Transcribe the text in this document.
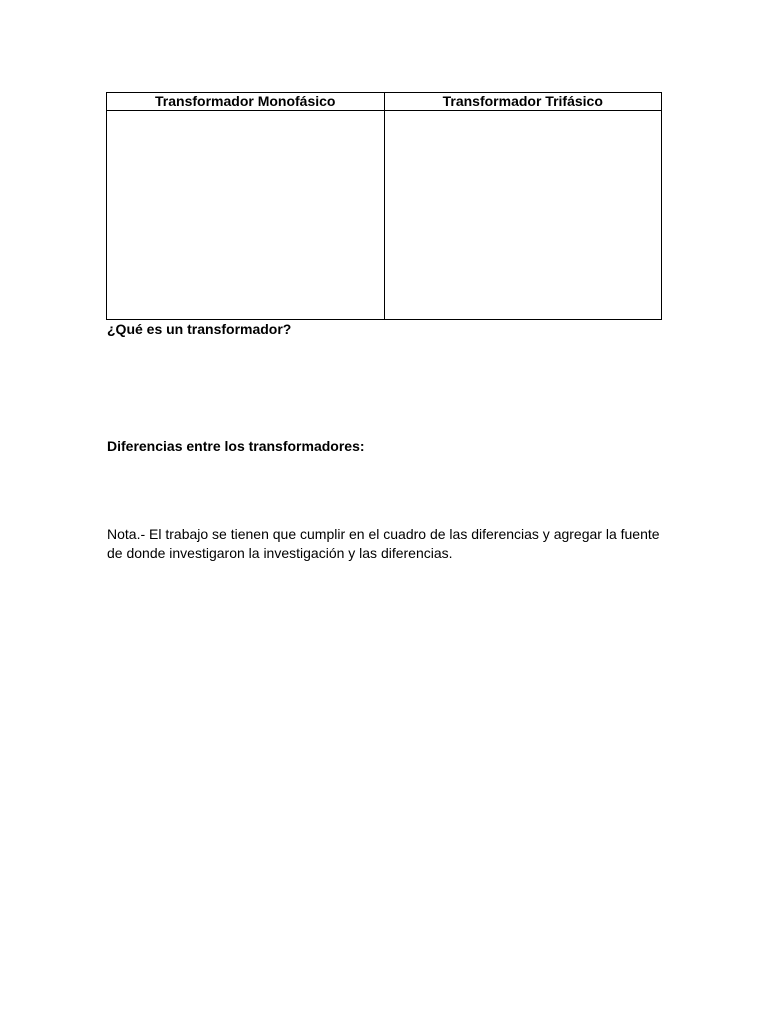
Transformador Monofásico	Transformador Trifásico

¿Qué es un transformador?

Diferencias entre los transformadores:

Nota.- El trabajo se tienen que cumplir en el cuadro de las diferencias y agregar la fuente de donde investigaron la investigación y las diferencias.
